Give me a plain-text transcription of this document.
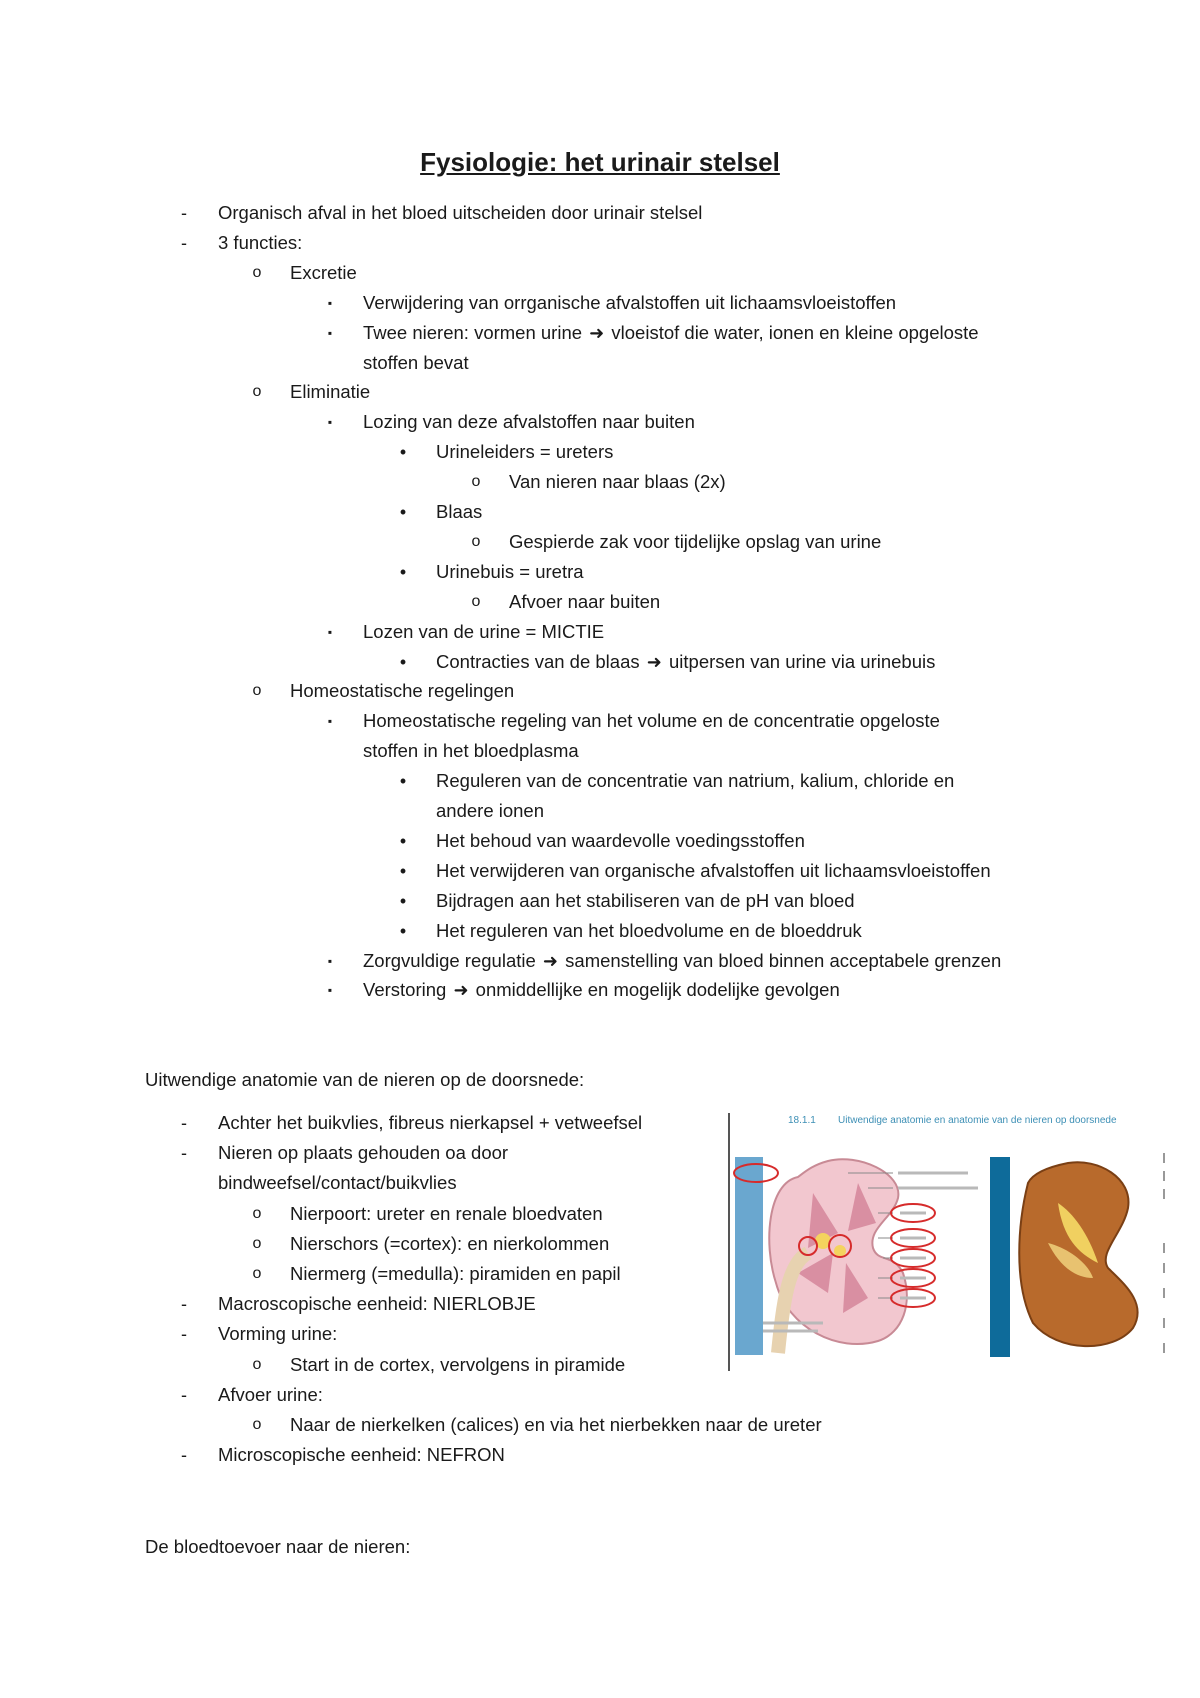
Fysiologie: het urinair stelsel
- Organisch afval in het bloed uitscheiden door urinair stelsel
- 3 functies:
o Excretie
▪	Verwijdering van orrganische afvalstoffen uit lichaamsvloeistoffen
▪	Twee nieren: vormen urine ➜ vloeistof die water, ionen en kleine opgeloste
stoffen bevat
o Eliminatie
▪	Lozing van deze afvalstoffen naar buiten
• Urineleiders = ureters
o Van nieren naar blaas (2x)
• Blaas
o Gespierde zak voor tijdelijke opslag van urine
• Urinebuis = uretra
o Afvoer naar buiten
▪	Lozen van de urine = MICTIE
• Contracties van de blaas ➜ uitpersen van urine via urinebuis
o Homeostatische regelingen
▪	Homeostatische regeling van het volume en de concentratie opgeloste
stoffen in het bloedplasma
• Reguleren van de concentratie van natrium, kalium, chloride en
andere ionen
• Het behoud van waardevolle voedingsstoffen
• Het verwijderen van organische afvalstoffen uit lichaamsvloeistoffen
• Bijdragen aan het stabiliseren van de pH van bloed
• Het reguleren van het bloedvolume en de bloeddruk
▪	Zorgvuldige regulatie ➜ samenstelling van bloed binnen acceptabele grenzen
▪	Verstoring ➜ onmiddellijke en mogelijk dodelijke gevolgen
Uitwendige anatomie van de nieren op de doorsnede:
- Achter het buikvlies, fibreus nierkapsel + vetweefsel
- Nieren op plaats gehouden oa door
bindweefsel/contact/buikvlies
o Nierpoort: ureter en renale bloedvaten
o Nierschors (=cortex): en nierkolommen
o Niermerg (=medulla): piramiden en papil
- Macroscopische eenheid: NIERLOBJE
- Vorming urine:
o Start in de cortex, vervolgens in piramide
- Afvoer urine:
o Naar de nierkelken (calices) en via het nierbekken naar de ureter
- Microscopische eenheid: NEFRON
De bloedtoevoer naar de nieren:
18.1.1 Uitwendige anatomie en anatomie van de nieren op doorsnede
